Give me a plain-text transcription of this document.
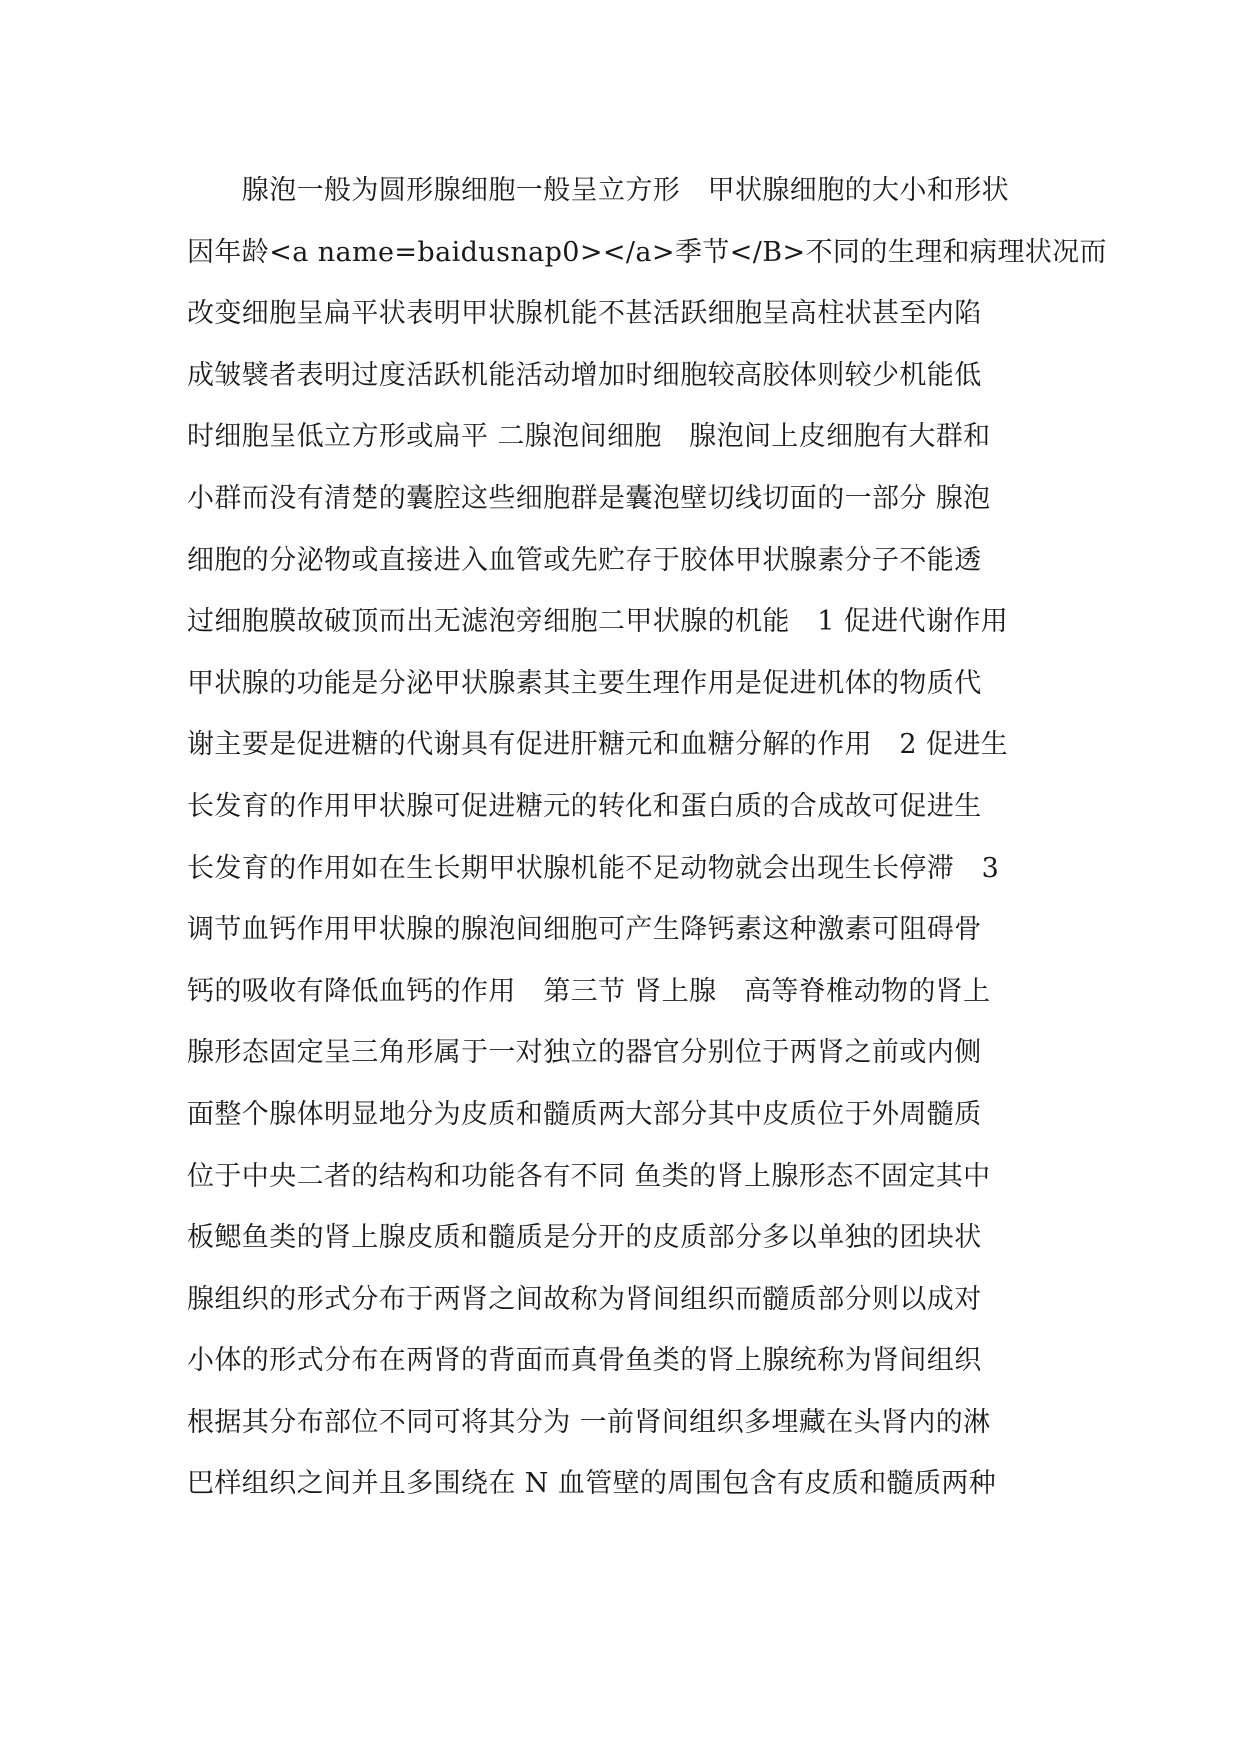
　　腺泡一般为圆形腺细胞一般呈立方形　甲状腺细胞的大小和形状
因年龄<a name=baidusnap0></a>季节</B>不同的生理和病理状况而
改变细胞呈扁平状表明甲状腺机能不甚活跃细胞呈高柱状甚至内陷
成皱襞者表明过度活跃机能活动增加时细胞较高胶体则较少机能低
时细胞呈低立方形或扁平 二腺泡间细胞　腺泡间上皮细胞有大群和
小群而没有清楚的囊腔这些细胞群是囊泡壁切线切面的一部分 腺泡
细胞的分泌物或直接进入血管或先贮存于胶体甲状腺素分子不能透
过细胞膜故破顶而出无滤泡旁细胞二甲状腺的机能　1 促进代谢作用
甲状腺的功能是分泌甲状腺素其主要生理作用是促进机体的物质代
谢主要是促进糖的代谢具有促进肝糖元和血糖分解的作用　2 促进生
长发育的作用甲状腺可促进糖元的转化和蛋白质的合成故可促进生
长发育的作用如在生长期甲状腺机能不足动物就会出现生长停滞　3
调节血钙作用甲状腺的腺泡间细胞可产生降钙素这种激素可阻碍骨
钙的吸收有降低血钙的作用　第三节 肾上腺　高等脊椎动物的肾上
腺形态固定呈三角形属于一对独立的器官分别位于两肾之前或内侧
面整个腺体明显地分为皮质和髓质两大部分其中皮质位于外周髓质
位于中央二者的结构和功能各有不同 鱼类的肾上腺形态不固定其中
板鳃鱼类的肾上腺皮质和髓质是分开的皮质部分多以单独的团块状
腺组织的形式分布于两肾之间故称为肾间组织而髓质部分则以成对
小体的形式分布在两肾的背面而真骨鱼类的肾上腺统称为肾间组织
根据其分布部位不同可将其分为 一前肾间组织多埋藏在头肾内的淋
巴样组织之间并且多围绕在 N 血管壁的周围包含有皮质和髓质两种
